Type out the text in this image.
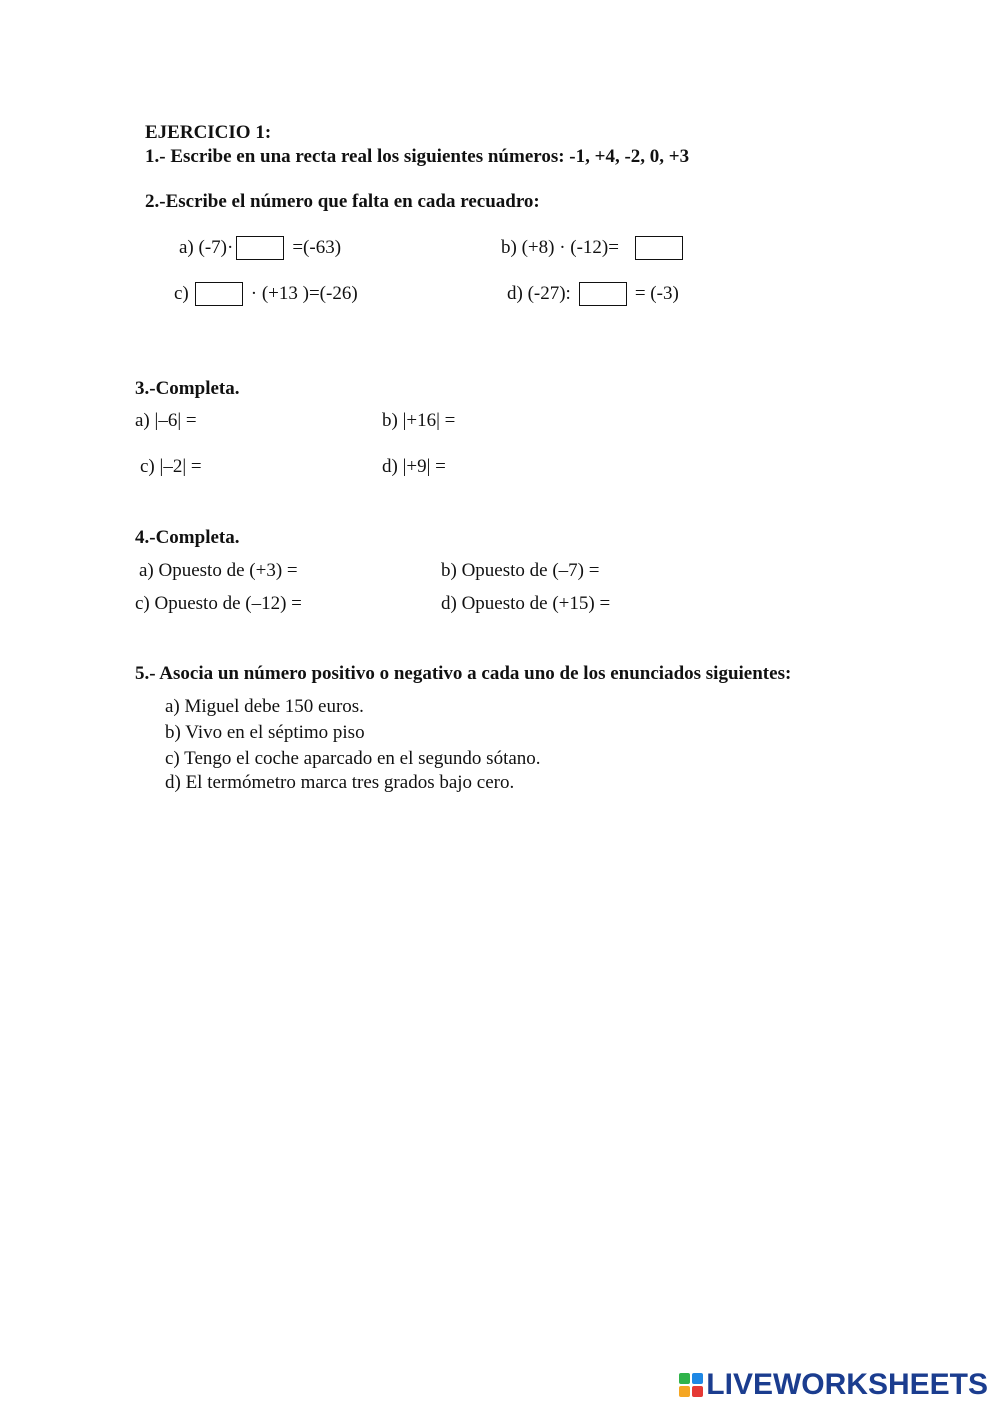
EJERCICIO 1:
1.- Escribe en una recta real los siguientes números: -1, +4, -2, 0, +3
2.-Escribe el número que falta en cada recuadro:
a) (-7)·	=(-63)	b) (+8) · (-12)=
c)	· (+13 )=(-26)	d) (-27):	= (-3)
3.-Completa.
a) |–6| =	b) |+16| =
c) |–2| =	d) |+9| =
4.-Completa.
a) Opuesto de (+3) =	b) Opuesto de (–7) =
c) Opuesto de (–12) =	d) Opuesto de (+15) =
5.- Asocia un número positivo o negativo a cada uno de los enunciados siguientes:
a) Miguel debe 150 euros.
b) Vivo en el séptimo piso
c) Tengo el coche aparcado en el segundo sótano.
d) El termómetro marca tres grados bajo cero.
LIVEWORKSHEETS
